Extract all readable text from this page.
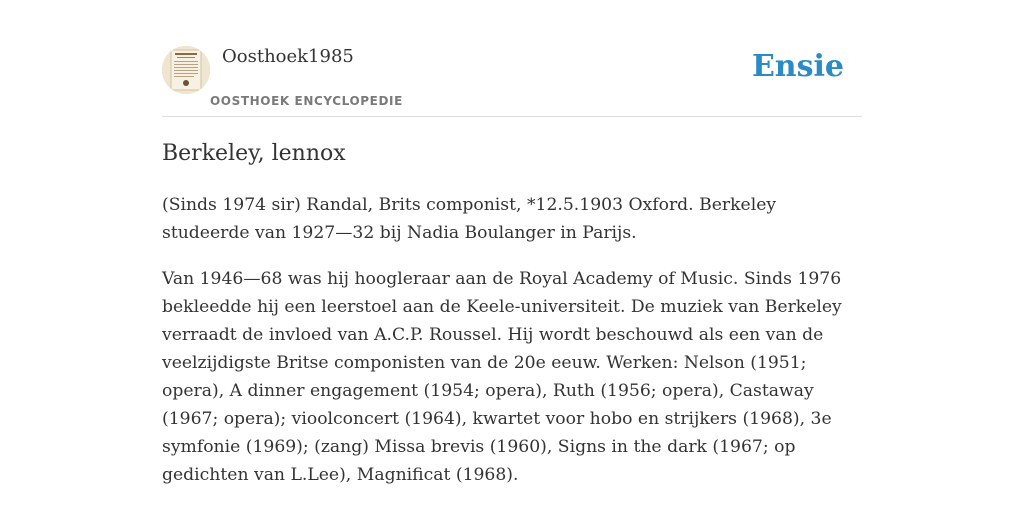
Oosthoek1985
OOSTHOEK ENCYCLOPEDIE
Ensie
Berkeley, lennox

(Sinds 1974 sir) Randal, Brits componist, *12.5.1903 Oxford. Berkeley studeerde van 1927—32 bij Nadia Boulanger in Parijs.

Van 1946—68 was hij hoogleraar aan de Royal Academy of Music. Sinds 1976 bekleedde hij een leerstoel aan de Keele-universiteit. De muziek van Berkeley verraadt de invloed van A.C.P. Roussel. Hij wordt beschouwd als een van de veelzijdigste Britse componisten van de 20e eeuw. Werken: Nelson (1951; opera), A dinner engagement (1954; opera), Ruth (1956; opera), Castaway (1967; opera); vioolconcert (1964), kwartet voor hobo en strijkers (1968), 3e symfonie (1969); (zang) Missa brevis (1960), Signs in the dark (1967; op gedichten van L.Lee), Magnificat (1968).
